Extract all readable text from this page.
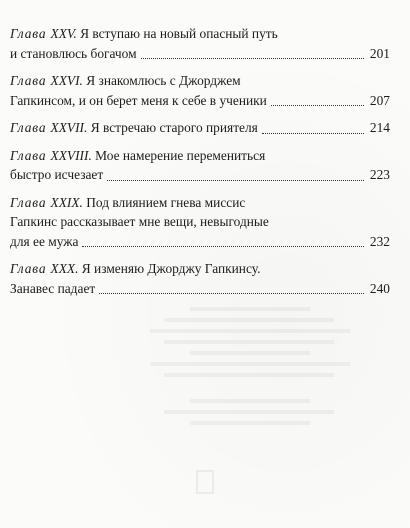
​
Глава XXV.
Я вступаю на новый опасный путь
и становлюсь богачом	201
Глава XXVI.
Я знакомлюсь с Джорджем
Гапкинсом, и он берет меня к себе в ученики	207
Глава XXVII.
Я встречаю старого приятеля	214
Глава XXVIII.
Мое намерение перемениться
быстро исчезает	223
Глава XXIX.
Под влиянием гнева миссис
Гапкинс рассказывает мне вещи, невыгодные
для ее мужа	232
Глава XXX.
Я изменяю Джорджу Гапкинсу.
Занавес падает	240
